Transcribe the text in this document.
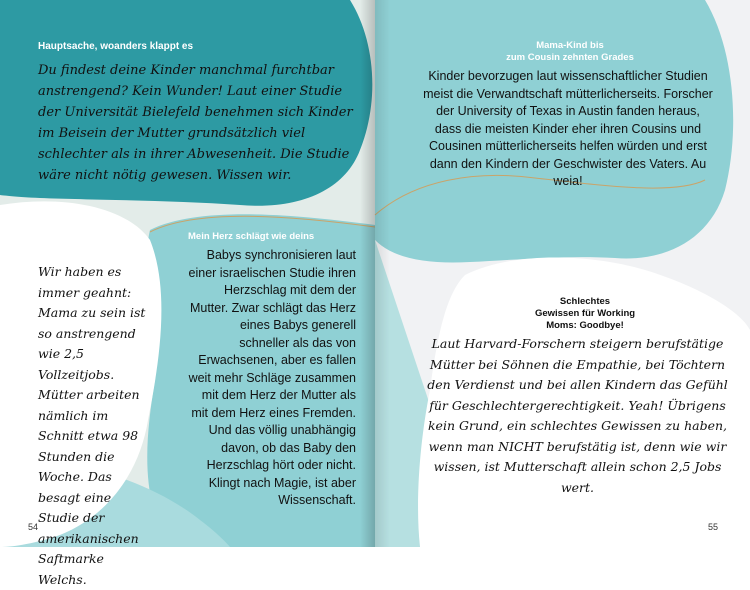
Hauptsache, woanders klappt es
Du findest deine Kinder manchmal furchtbar anstrengend? Kein Wunder! Laut einer Studie der Universität Bielefeld benehmen sich Kinder im Beisein der Mutter grundsätzlich viel schlechter als in ihrer Abwesenheit. Die Studie wäre nicht nötig gewesen. Wissen wir.
Mama – der krasseste Job der Welt
Wir haben es immer geahnt: Mama zu sein ist so anstrengend wie 2,5 Vollzeitjobs. Mütter arbeiten nämlich im Schnitt etwa 98 Stunden die Woche. Das besagt eine Studie der amerikanischen Saftmarke Welchs.
Mein Herz schlägt wie deins
Babys synchronisieren laut einer israelischen Studie ihren Herzschlag mit dem der Mutter. Zwar schlägt das Herz eines Babys generell schneller als das von Erwachsenen, aber es fallen weit mehr Schläge zusammen mit dem Herz der Mutter als mit dem Herz eines Fremden. Und das völlig unabhängig davon, ob das Baby den Herzschlag hört oder nicht. Klingt nach Magie, ist aber Wissenschaft.
54
Mama-Kind bis
zum Cousin zehnten Grades
Kinder bevorzugen laut wissenschaftlicher Studien meist die Verwandtschaft mütterlicherseits. Forscher der University of Texas in Austin fanden heraus, dass die meisten Kinder eher ihren Cousins und Cousinen mütterlicherseits helfen würden und erst dann den Kindern der Geschwister des Vaters. Au weia!
Schlechtes
Gewissen für Working
Moms: Goodbye!
Laut Harvard-Forschern steigern berufstätige Mütter bei Söhnen die Empathie, bei Töchtern den Verdienst und bei allen Kindern das Gefühl für Geschlechtergerechtigkeit. Yeah! Übrigens kein Grund, ein schlechtes Gewissen zu haben, wenn man NICHT berufstätig ist, denn wie wir wissen, ist Mutterschaft allein schon 2,5 Jobs wert.
55
